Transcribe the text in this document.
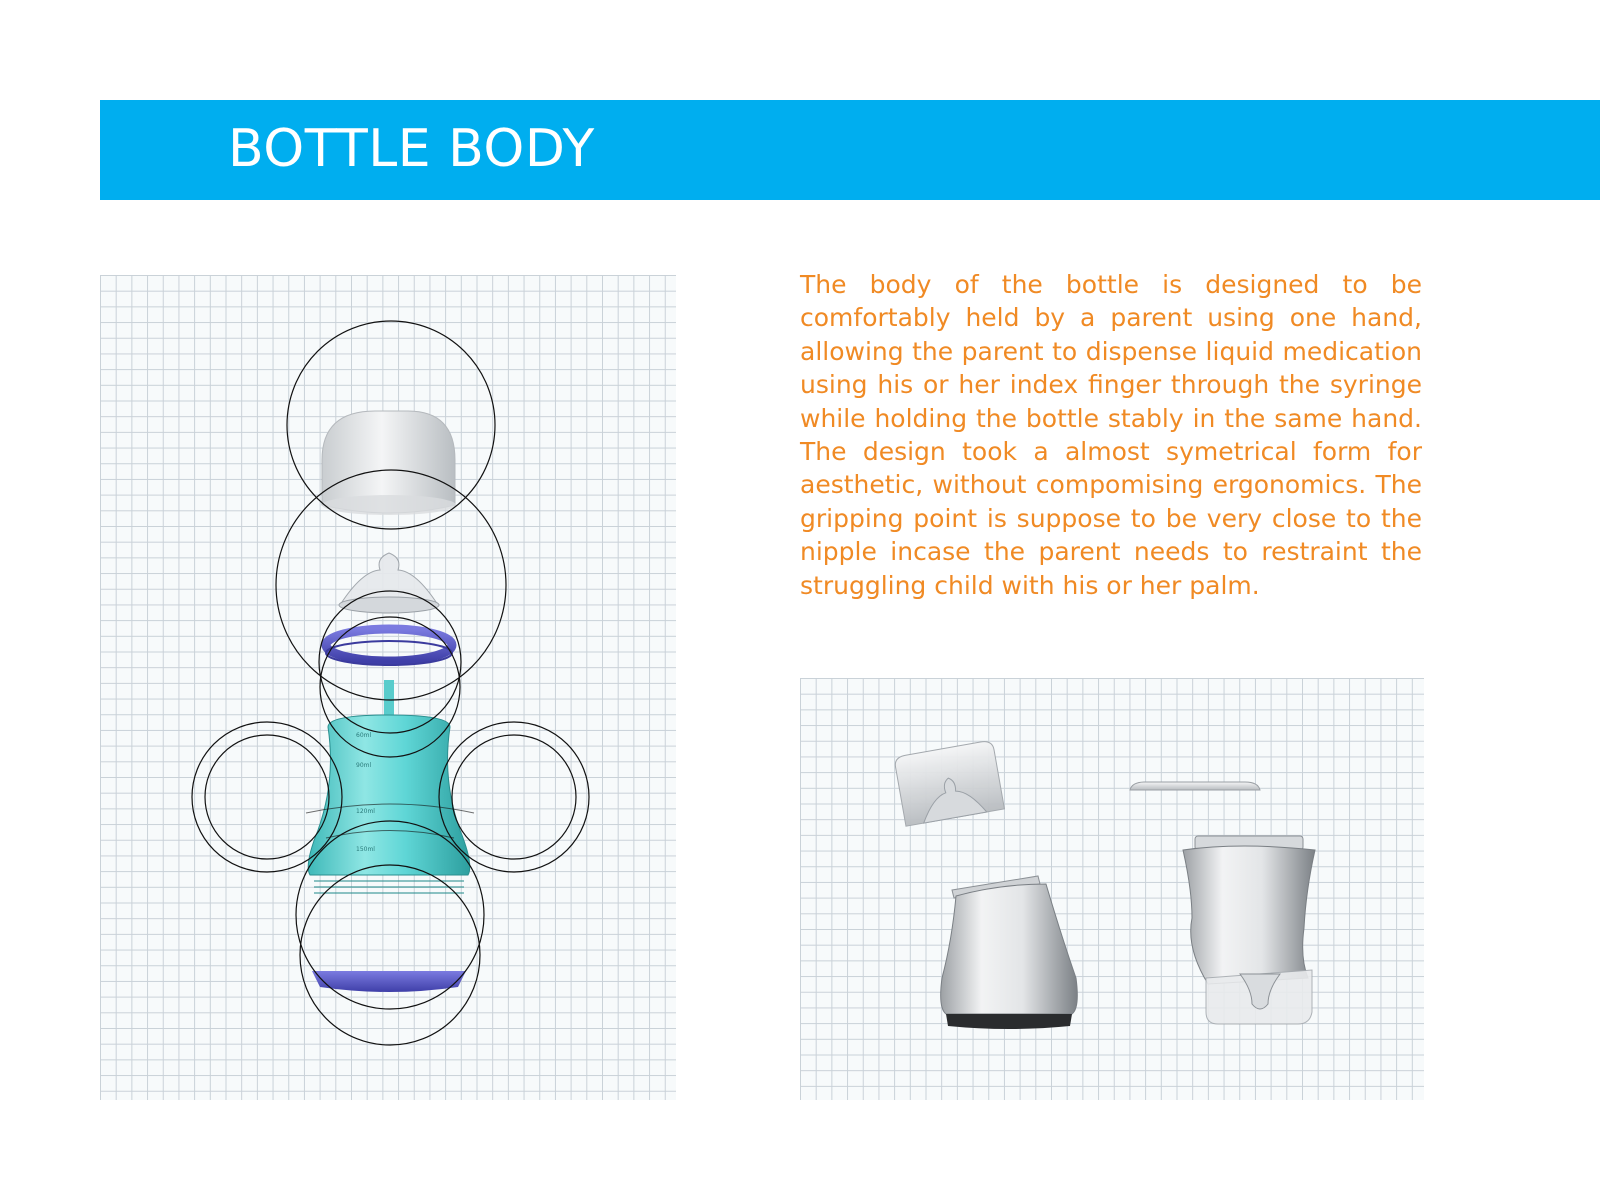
BOTTLE BODY
60ml
90ml
120ml
150ml

The body of the bottle is designed to be comfortably held by a parent using one hand, allowing the parent to dispense liquid medication using his or her index finger through the syringe while holding the bottle stably in the same hand. The design took a almost symetrical form for aesthetic, without compomising ergonomics. The gripping point is suppose to be very close to the nipple incase the parent needs to restraint the struggling child with his or her palm.
